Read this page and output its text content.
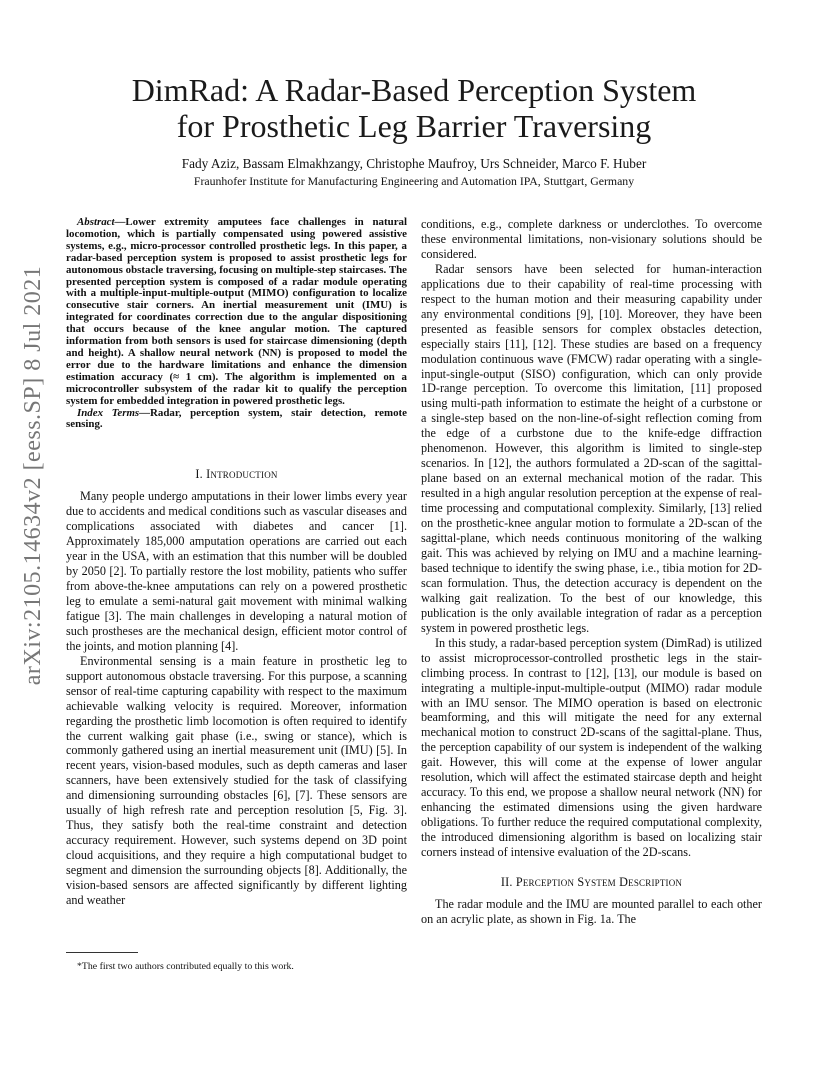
arXiv:2105.14634v2 [eess.SP] 8 Jul 2021
DimRad: A Radar-Based Perception System
for Prosthetic Leg Barrier Traversing
Fady Aziz, Bassam Elmakhzangy, Christophe Maufroy, Urs Schneider, Marco F. Huber
Fraunhofer Institute for Manufacturing Engineering and Automation IPA, Stuttgart, Germany

Abstract—Lower extremity amputees face challenges in natural locomotion, which is partially compensated using powered assistive systems, e.g., micro-processor controlled prosthetic legs. In this paper, a radar-based perception system is proposed to assist prosthetic legs for autonomous obstacle traversing, focusing on multiple-step staircases. The presented perception system is composed of a radar module operating with a multiple-input-multiple-output (MIMO) configuration to localize consecutive stair corners. An inertial measurement unit (IMU) is integrated for coordinates correction due to the angular dispositioning that occurs because of the knee angular motion. The captured information from both sensors is used for staircase dimensioning (depth and height). A shallow neural network (NN) is proposed to model the error due to the hardware limitations and enhance the dimension estimation accuracy (≈ 1 cm). The algorithm is implemented on a microcontroller subsystem of the radar kit to qualify the perception system for embedded integration in powered prosthetic legs.

Index Terms—Radar, perception system, stair detection, remote sensing.

I. Introduction

Many people undergo amputations in their lower limbs every year due to accidents and medical conditions such as vascular diseases and complications associated with diabetes and cancer [1]. Approximately 185,000 amputation operations are carried out each year in the USA, with an estimation that this number will be doubled by 2050 [2]. To partially restore the lost mobility, patients who suffer from above-the-knee amputations can rely on a powered prosthetic leg to emulate a semi-natural gait movement with minimal walking fatigue [3]. The main challenges in developing a natural motion of such prostheses are the mechanical design, efficient motor control of the joints, and motion planning [4].

Environmental sensing is a main feature in prosthetic leg to support autonomous obstacle traversing. For this purpose, a scanning sensor of real-time capturing capability with respect to the maximum achievable walking velocity is required. Moreover, information regarding the prosthetic limb locomotion is often required to identify the current walking gait phase (i.e., swing or stance), which is commonly gathered using an inertial measurement unit (IMU) [5]. In recent years, vision-based modules, such as depth cameras and laser scanners, have been extensively studied for the task of classifying and dimensioning surrounding obstacles [6], [7]. These sensors are usually of high refresh rate and perception resolution [5, Fig. 3]. Thus, they satisfy both the real-time constraint and detection accuracy requirement. However, such systems depend on 3D point cloud acquisitions, and they require a high computational budget to segment and dimension the surrounding objects [8]. Additionally, the vision-based sensors are affected significantly by different lighting and weather

conditions, e.g., complete darkness or underclothes. To overcome these environmental limitations, non-visionary solutions should be considered.

Radar sensors have been selected for human-interaction applications due to their capability of real-time processing with respect to the human motion and their measuring capability under any environmental conditions [9], [10]. Moreover, they have been presented as feasible sensors for complex obstacles detection, especially stairs [11], [12]. These studies are based on a frequency modulation continuous wave (FMCW) radar operating with a single-input-single-output (SISO) configuration, which can only provide 1D-range perception. To overcome this limitation, [11] proposed using multi-path information to estimate the height of a curbstone or a single-step based on the non-line-of-sight reflection coming from the edge of a curbstone due to the knife-edge diffraction phenomenon. However, this algorithm is limited to single-step scenarios. In [12], the authors formulated a 2D-scan of the sagittal-plane based on an external mechanical motion of the radar. This resulted in a high angular resolution perception at the expense of real-time processing and computational complexity. Similarly, [13] relied on the prosthetic-knee angular motion to formulate a 2D-scan of the sagittal-plane, which needs continuous monitoring of the walking gait. This was achieved by relying on IMU and a machine learning-based technique to identify the swing phase, i.e., tibia motion for 2D-scan formulation. Thus, the detection accuracy is dependent on the walking gait realization. To the best of our knowledge, this publication is the only available integration of radar as a perception system in powered prosthetic legs.

In this study, a radar-based perception system (DimRad) is utilized to assist microprocessor-controlled prosthetic legs in the stair-climbing process. In contrast to [12], [13], our module is based on integrating a multiple-input-multiple-output (MIMO) radar module with an IMU sensor. The MIMO operation is based on electronic beamforming, and this will mitigate the need for any external mechanical motion to construct 2D-scans of the sagittal-plane. Thus, the perception capability of our system is independent of the walking gait. However, this will come at the expense of lower angular resolution, which will affect the estimated staircase depth and height accuracy. To this end, we propose a shallow neural network (NN) for enhancing the estimated dimensions using the given hardware obligations. To further reduce the required computational complexity, the introduced dimensioning algorithm is based on localizing stair corners instead of intensive evaluation of the 2D-scans.

II. Perception System Description

The radar module and the IMU are mounted parallel to each other on an acrylic plate, as shown in Fig. 1a. The

*The first two authors contributed equally to this work.
